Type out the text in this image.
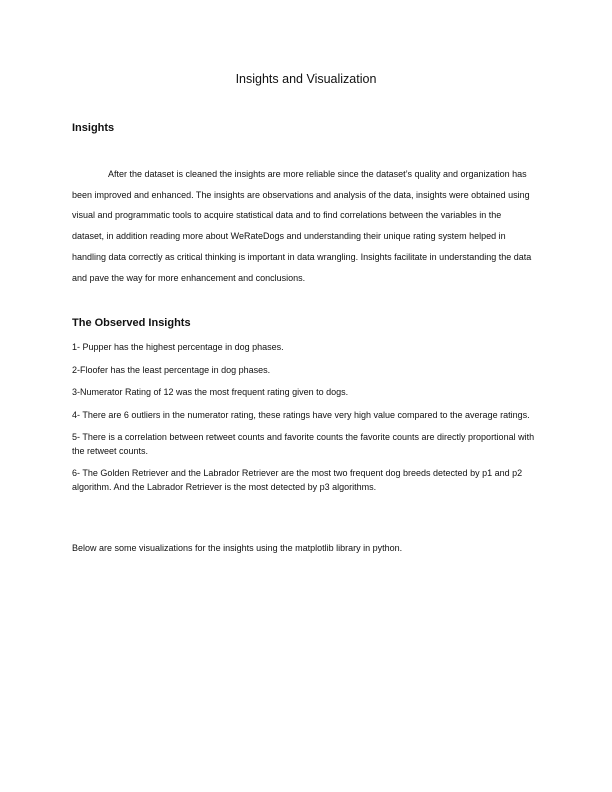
Insights and Visualization
Insights

After the dataset is cleaned the insights are more reliable since the dataset’s quality and organization has been improved and enhanced. The insights are observations and analysis of the data, insights were obtained using visual and programmatic tools to acquire statistical data and to find correlations between the variables in the dataset, in addition reading more about WeRateDogs and understanding their unique rating system helped in handling data correctly as critical thinking is important in data wrangling. Insights facilitate in understanding the data and pave the way for more enhancement and conclusions.

The Observed Insights
1- Pupper has the highest percentage in dog phases.
2-Floofer has the least percentage in dog phases.
3-Numerator Rating of 12 was the most frequent rating given to dogs.
4- There are 6 outliers in the numerator rating, these ratings have very high value compared to the average ratings.
5- There is a correlation between retweet counts and favorite counts the favorite counts are directly proportional with the retweet counts.
6- The Golden Retriever and the Labrador Retriever are the most two frequent dog breeds detected by p1 and p2 algorithm. And the Labrador Retriever is the most detected by p3 algorithms.

Below are some visualizations for the insights using the matplotlib library in python.
